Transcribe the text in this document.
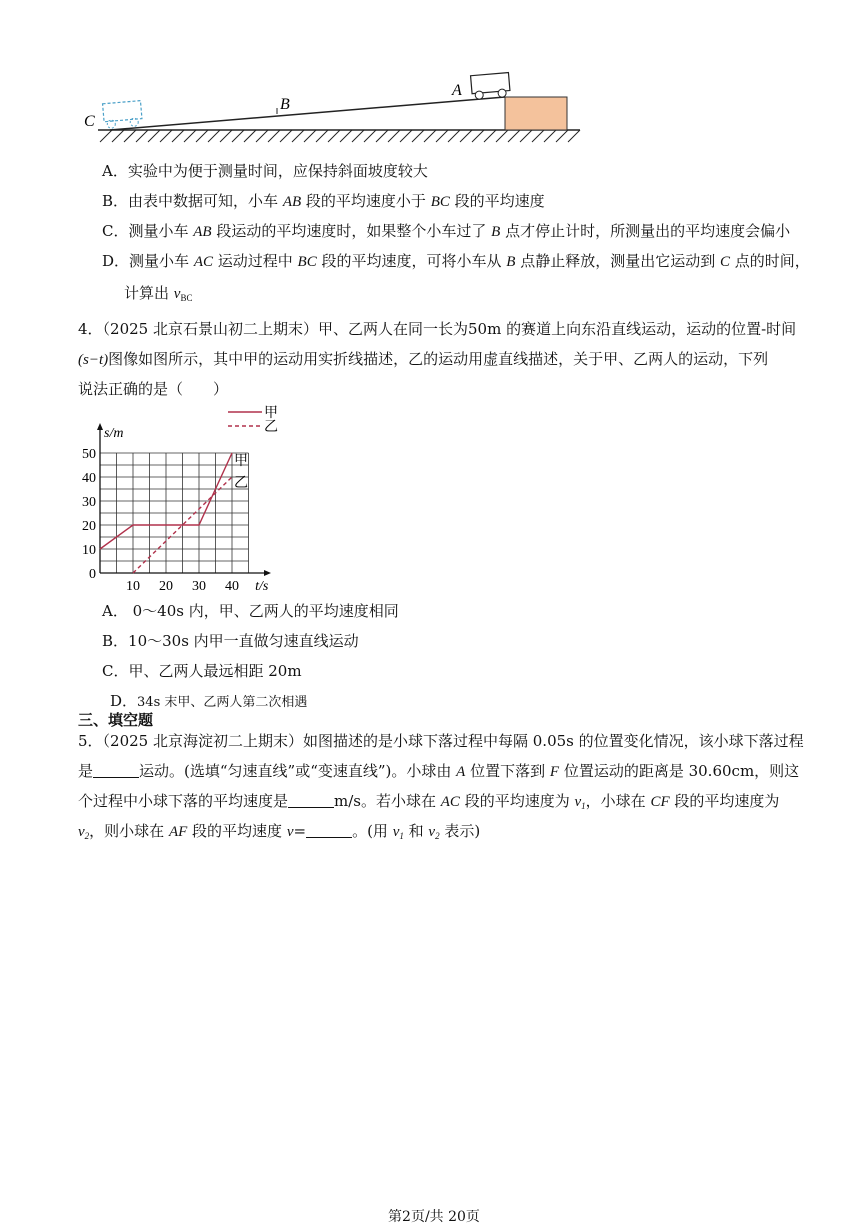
A
B
C
A．实验中为便于测量时间，应保持斜面坡度较大
B．由表中数据可知，小车 AB 段的平均速度小于 BC 段的平均速度
C．测量小车 AB 段运动的平均速度时，如果整个小车过了 B 点才停止计时，所测量出的平均速度会偏小
D．测量小车 AC 运动过程中 BC 段的平均速度，可将小车从 B 点静止释放，测量出它运动到 C 点的时间，
计算出 $v_{BC}$
4．（2025 北京石景山初二上期末）甲、乙两人在同一长为50m 的赛道上向东沿直线运动，运动的位置-时间
(s−t)图像如图所示，其中甲的运动用实折线描述，乙的运动用虚直线描述，关于甲、乙两人的运动，下列
说法正确的是（　　）
0
10
20
30
40
50
10 20 30 40
s/m
t/s
甲
乙
甲
乙
A． 0～40s 内，甲、乙两人的平均速度相同
B．10～30s 内甲一直做匀速直线运动
C．甲、乙两人最远相距 20m
D．34s 末甲、乙两人第二次相遇
三、填空题
5．（2025 北京海淀初二上期末）如图描述的是小球下落过程中每隔 0.05s 的位置变化情况，该小球下落过程
是	运动。(选填“匀速直线”或“变速直线”)。小球由 A 位置下落到 F 位置运动的距离是 30.60cm，则这
个过程中小球下落的平均速度是	m/s。若小球在 AC 段的平均速度为 $v_1$，小球在 CF 段的平均速度为
$v_2$，则小球在 AF 段的平均速度 v=	。(用 $v_1$ 和 $v_2$ 表示)
第2页/共 20页
